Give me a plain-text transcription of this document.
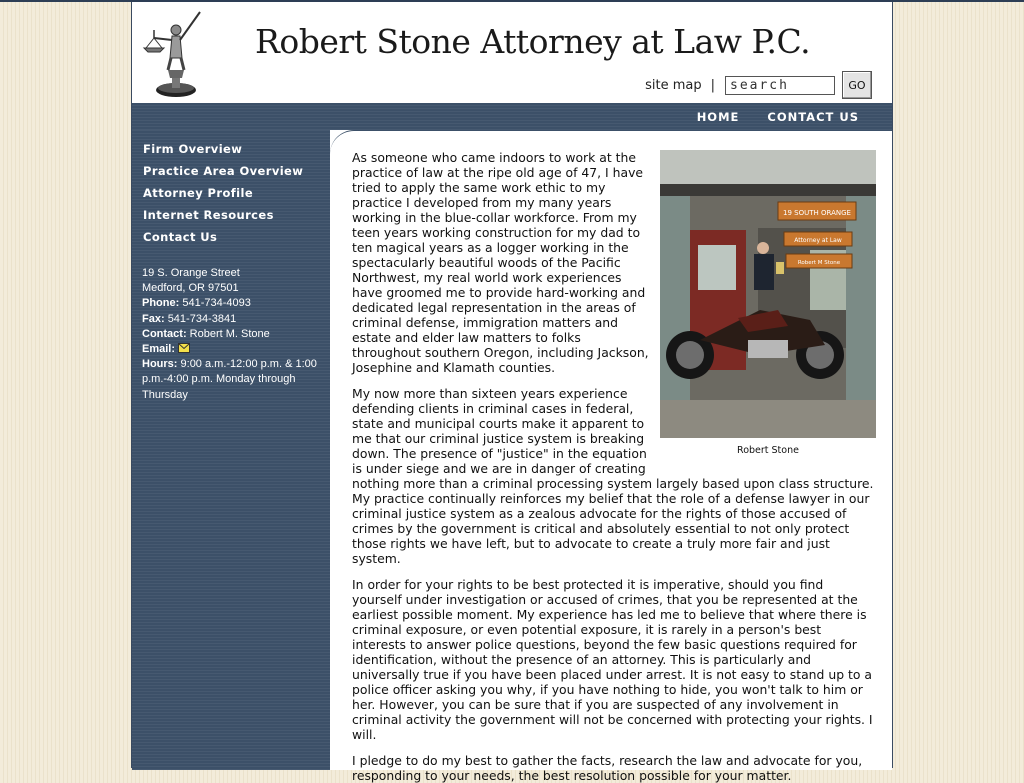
Robert Stone Attorney at Law P.C.
site map |
search	GO
HOME CONTACT US
Firm Overview
Practice Area Overview
Attorney Profile
Internet Resources
Contact Us
19 S. Orange Street
Medford, OR 97501
Phone: 541-734-4093
Fax: 541-734-3841
Contact: Robert M. Stone
Email:
Hours: 9:00 a.m.-12:00 p.m. & 1:00 p.m.-4:00 p.m. Monday through Thursday
19 SOUTH ORANGE
Attorney at Law
Robert M Stone
Robert Stone

As someone who came indoors to work at the practice of law at the ripe old age of 47, I have tried to apply the same work ethic to my practice I developed from my many years working in the blue-collar workforce. From my teen years working construction for my dad to ten magical years as a logger working in the spectacularly beautiful woods of the Pacific Northwest, my real world work experiences have groomed me to provide hard-working and dedicated legal representation in the areas of criminal defense, immigration matters and estate and elder law matters to folks throughout southern Oregon, including Jackson, Josephine and Klamath counties.

My now more than sixteen years experience defending clients in criminal cases in federal, state and municipal courts make it apparent to me that our criminal justice system is breaking down. The presence of "justice" in the equation is under siege and we are in danger of creating nothing more than a criminal processing system largely based upon class structure. My practice continually reinforces my belief that the role of a defense lawyer in our criminal justice system as a zealous advocate for the rights of those accused of crimes by the government is critical and absolutely essential to not only protect those rights we have left, but to advocate to create a truly more fair and just system.

In order for your rights to be best protected it is imperative, should you find yourself under investigation or accused of crimes, that you be represented at the earliest possible moment. My experience has led me to believe that where there is criminal exposure, or even potential exposure, it is rarely in a person's best interests to answer police questions, beyond the few basic questions required for identification, without the presence of an attorney. This is particularly and universally true if you have been placed under arrest. It is not easy to stand up to a police officer asking you why, if you have nothing to hide, you won't talk to him or her. However, you can be sure that if you are suspected of any involvement in criminal activity the government will not be concerned with protecting your rights. I will.

I pledge to do my best to gather the facts, research the law and advocate for you, responding to your needs, the best resolution possible for your matter.
